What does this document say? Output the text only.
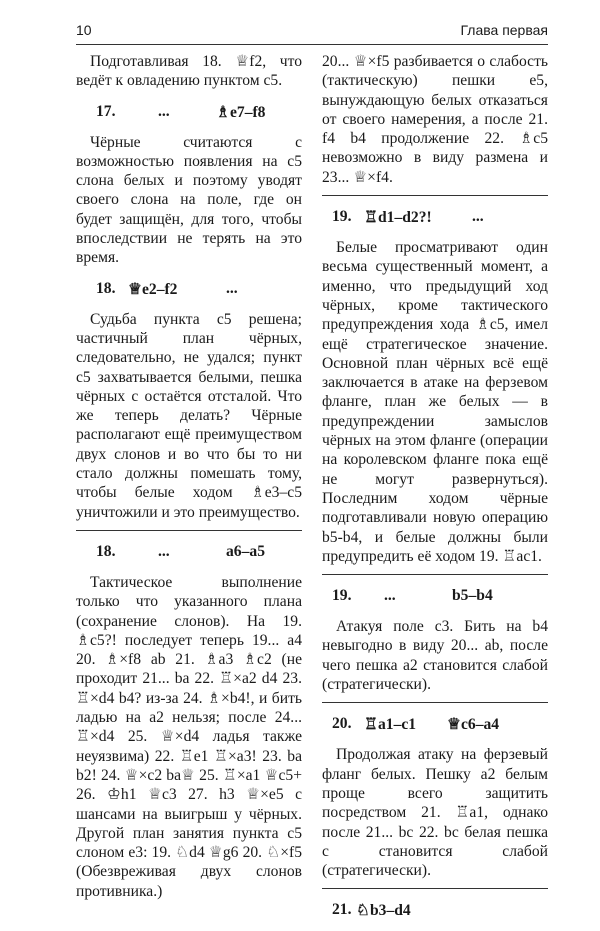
10	Глава первая

Подготавливая 18. ♕f2, что ведёт к овладению пунктом c5.

17.	...	♗e7–f8

Чёрные считаются с возможностью появления на c5 слона белых и поэтому уводят своего слона на поле, где он будет защищён, для того, чтобы впоследствии не терять на это время.

18. ♕e2–f2	...

Судьба пункта c5 решена; частичный план чёрных, следовательно, не удался; пункт c5 захватывается белыми, пешка чёрных c остаётся отсталой. Что же теперь делать? Чёрные располагают ещё преимуществом двух слонов и во что бы то ни стало должны помешать тому, чтобы белые ходом ♗e3–c5 уничтожили и это преимущество.

18.	...	a6–a5

Тактическое выполнение только что указанного плана (сохранение слонов). На 19. ♗c5?! последует теперь 19... a4 20. ♗×f8 ab 21. ♗a3 ♗c2 (не проходит 21... ba 22. ♖×a2 d4 23. ♖×d4 b4? из-за 24. ♗×b4!, и бить ладью на a2 нельзя; после 24... ♖×d4 25. ♕×d4 ладья также неуязвима) 22. ♖e1 ♖×a3! 23. ba b2! 24. ♕×c2 ba♕ 25. ♖×a1 ♕c5+ 26. ♔h1 ♕c3 27. h3 ♕×e5 с шансами на выигрыш у чёрных. Другой план занятия пункта c5 слоном e3: 19. ♘d4 ♕g6 20. ♘×f5 (Обезвреживая двух слонов противника.)

20... ♕×f5 разбивается о слабость (тактическую) пешки e5, вынуждающую белых отказаться от своего намерения, а после 21. f4 b4 продолжение 22. ♗c5 невозможно в виду размена и 23... ♕×f4.

19. ♖d1–d2?!	...

Белые просматривают один весьма существенный момент, а именно, что предыдущий ход чёрных, кроме тактического предупреждения хода ♗c5, имел ещё стратегическое значение. Основной план чёрных всё ещё заключается в атаке на ферзевом фланге, план же белых — в предупреждении замыслов чёрных на этом фланге (операции на королевском фланге пока ещё не могут развернуться). Последним ходом чёрные подготавливали новую операцию b5-b4, и белые должны были предупредить её ходом 19. ♖ac1.

19. ...	b5–b4

Атакуя поле c3. Бить на b4 невыгодно в виду 20... ab, после чего пешка a2 становится слабой (стратегически).

20. ♖a1–c1 ♕c6–a4

Продолжая атаку на ферзевый фланг белых. Пешку a2 белым проще всего защитить посредством 21. ♖a1, однако после 21... bc 22. bc белая пешка c становится слабой (стратегически).

21. ♘b3–d4
